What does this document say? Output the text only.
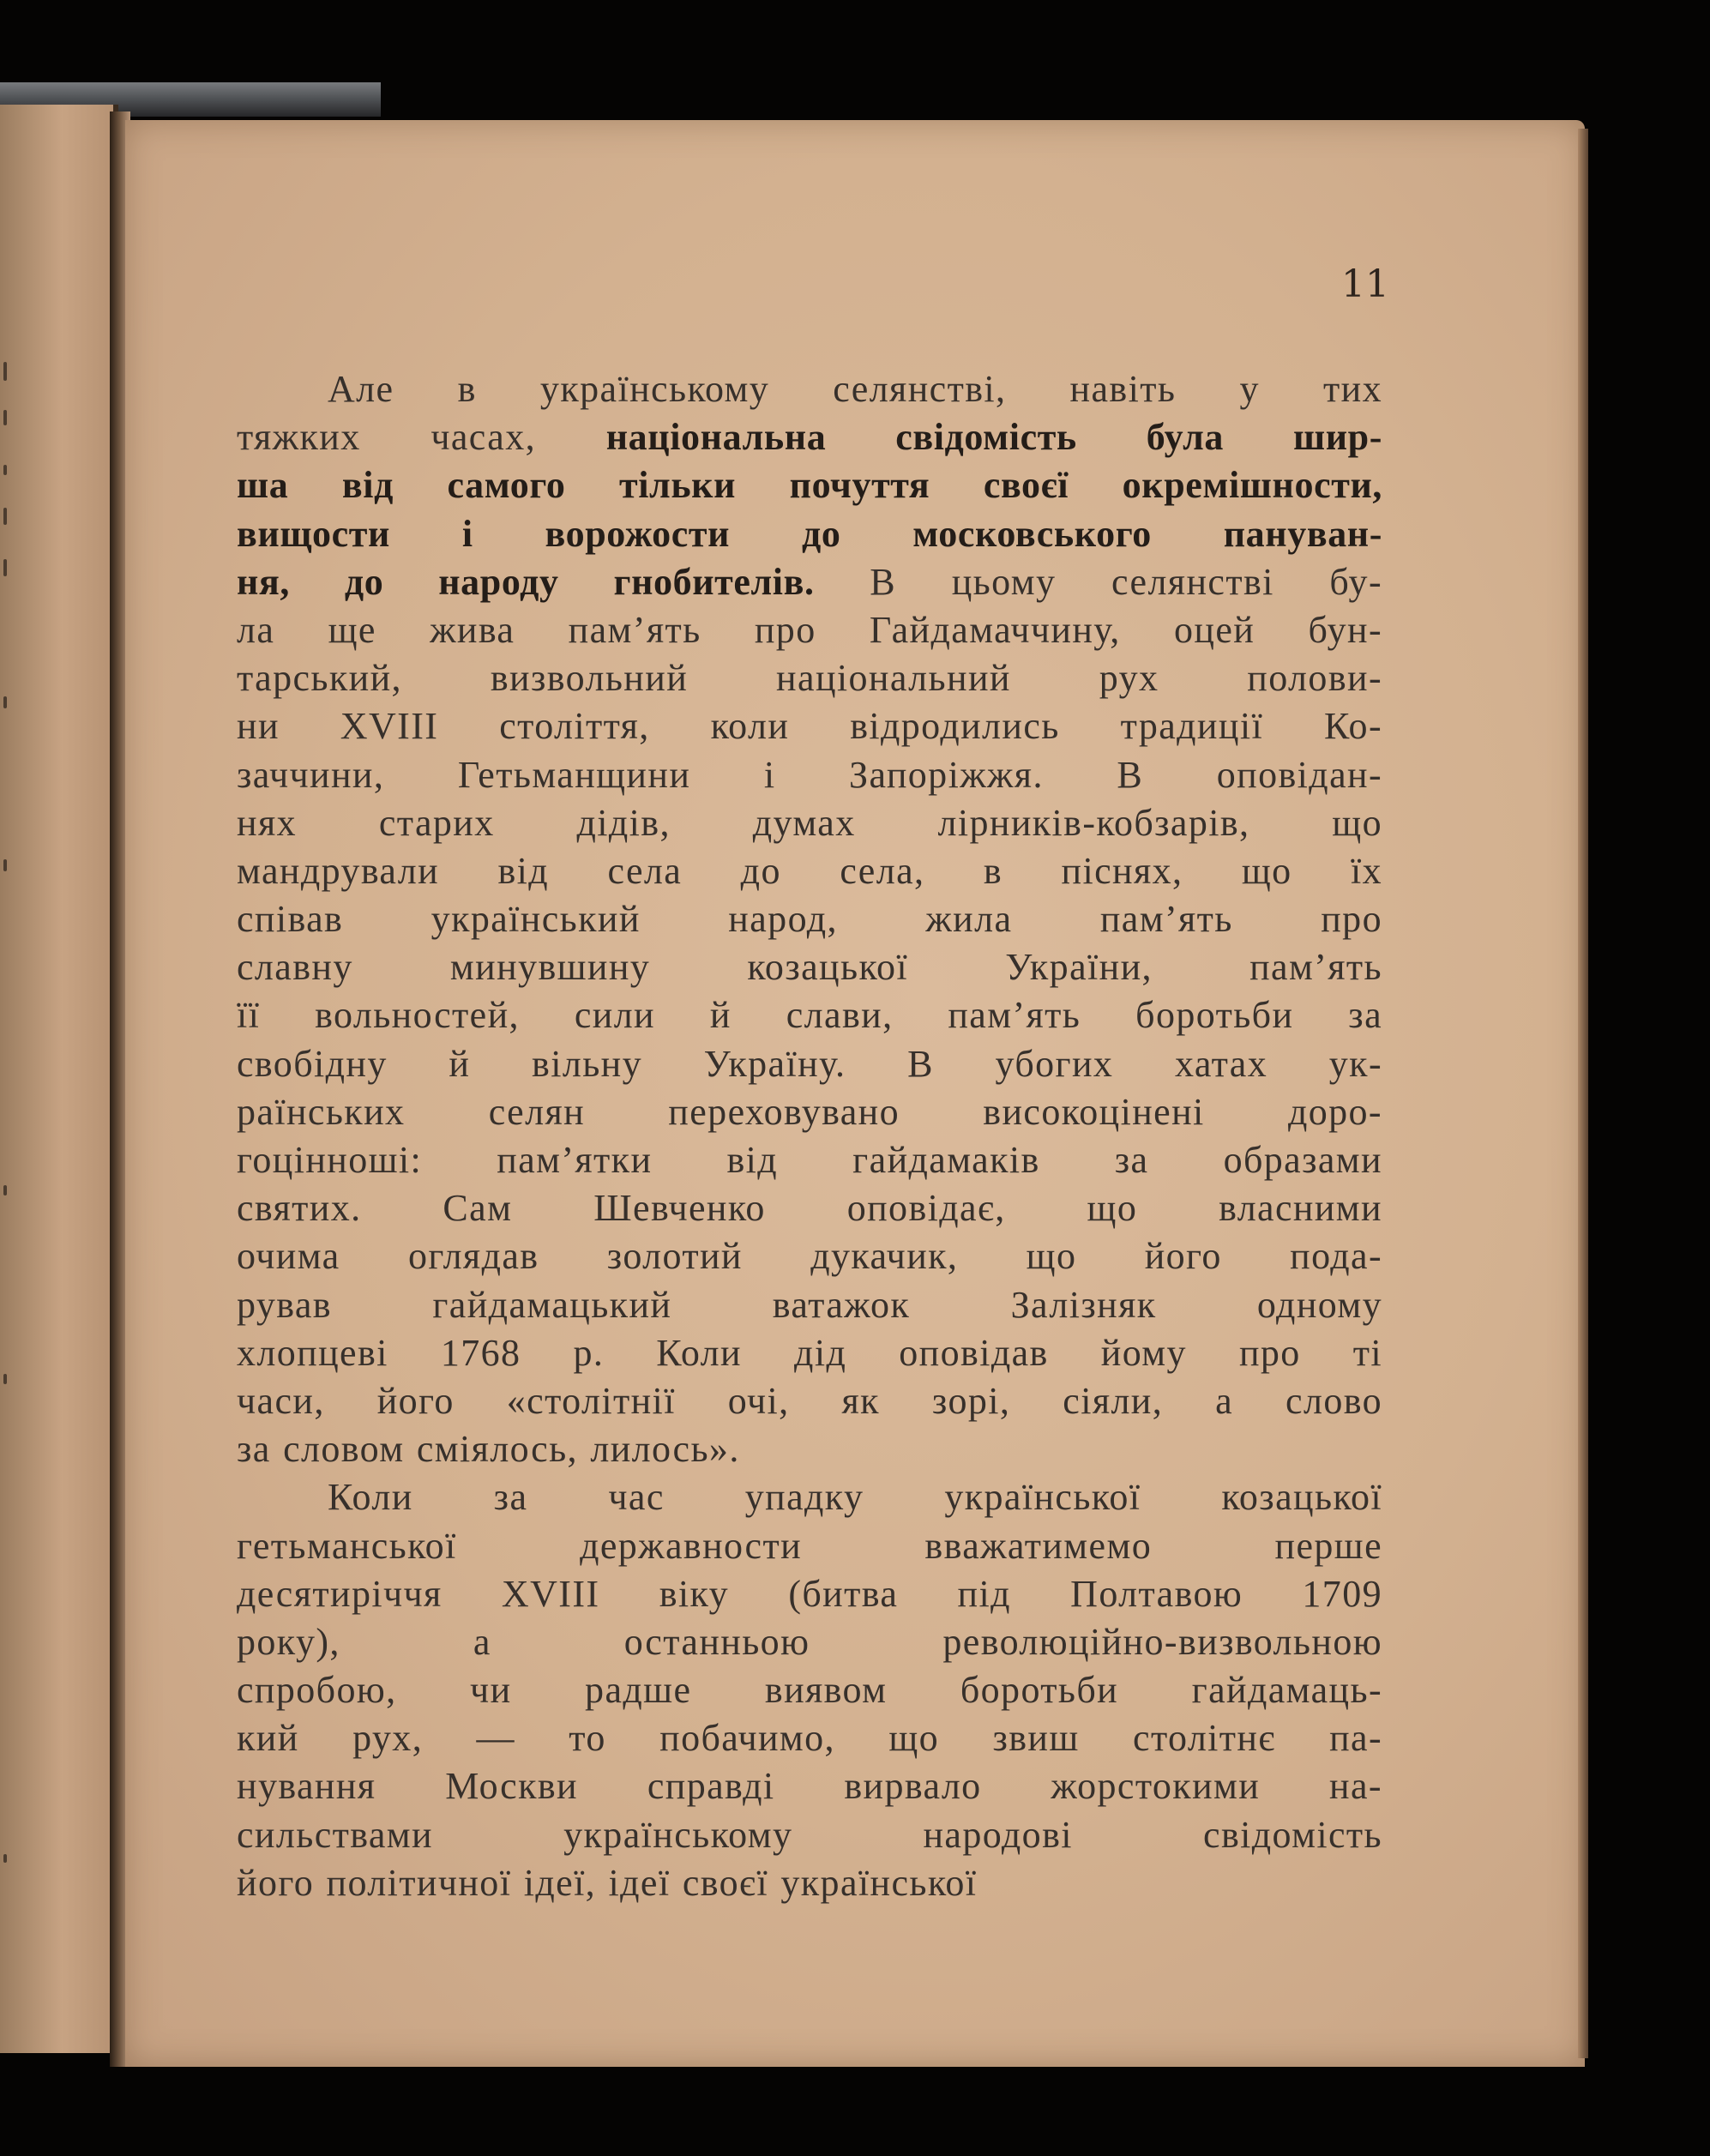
11
Але в українському селянстві, навіть у тих
тяжких часах, національна свідомість була шир-
ша від самого тільки почуття своєї окремішности,
вищости і ворожости до московського пануван-
ня, до народу гнобителів. В цьому селянстві бу-
ла ще жива пам’ять про Гайдамаччину, оцей бун-
тарський, визвольний національний рух полови-
ни XVIII століття, коли відродились традиції Ко-
заччини, Гетьманщини і Запоріжжя. В оповідан-
нях старих дідів, думах лірників-кобзарів, що
мандрували від села до села, в піснях, що їх
співав український народ, жила пам’ять про
славну минувшину козацької України, пам’ять
її вольностей, сили й слави, пам’ять боротьби за
свобідну й вільну Україну. В убогих хатах ук-
раїнських селян переховувано високоцінені доро-
гоцінноші: пам’ятки від гайдамаків за образами
святих. Сам Шевченко оповідає, що власними
очима оглядав золотий дукачик, що його пода-
рував гайдамацький ватажок Залізняк одному
хлопцеві 1768 р. Коли дід оповідав йому про ті
часи, його «столітнії очі, як зорі, сіяли, а слово
за словом сміялось, лилось».
Коли за час упадку української козацької
гетьманської державности вважатимемо перше
десятиріччя XVIII віку (битва під Полтавою 1709
року), а останньою революційно-визвольною
спробою, чи радше виявом боротьби гайдамаць-
кий рух, — то побачимо, що звиш столітнє па-
нування Москви справді вирвало жорстокими на-
сильствами українському народові свідомість
його політичної ідеї, ідеї своєї української
